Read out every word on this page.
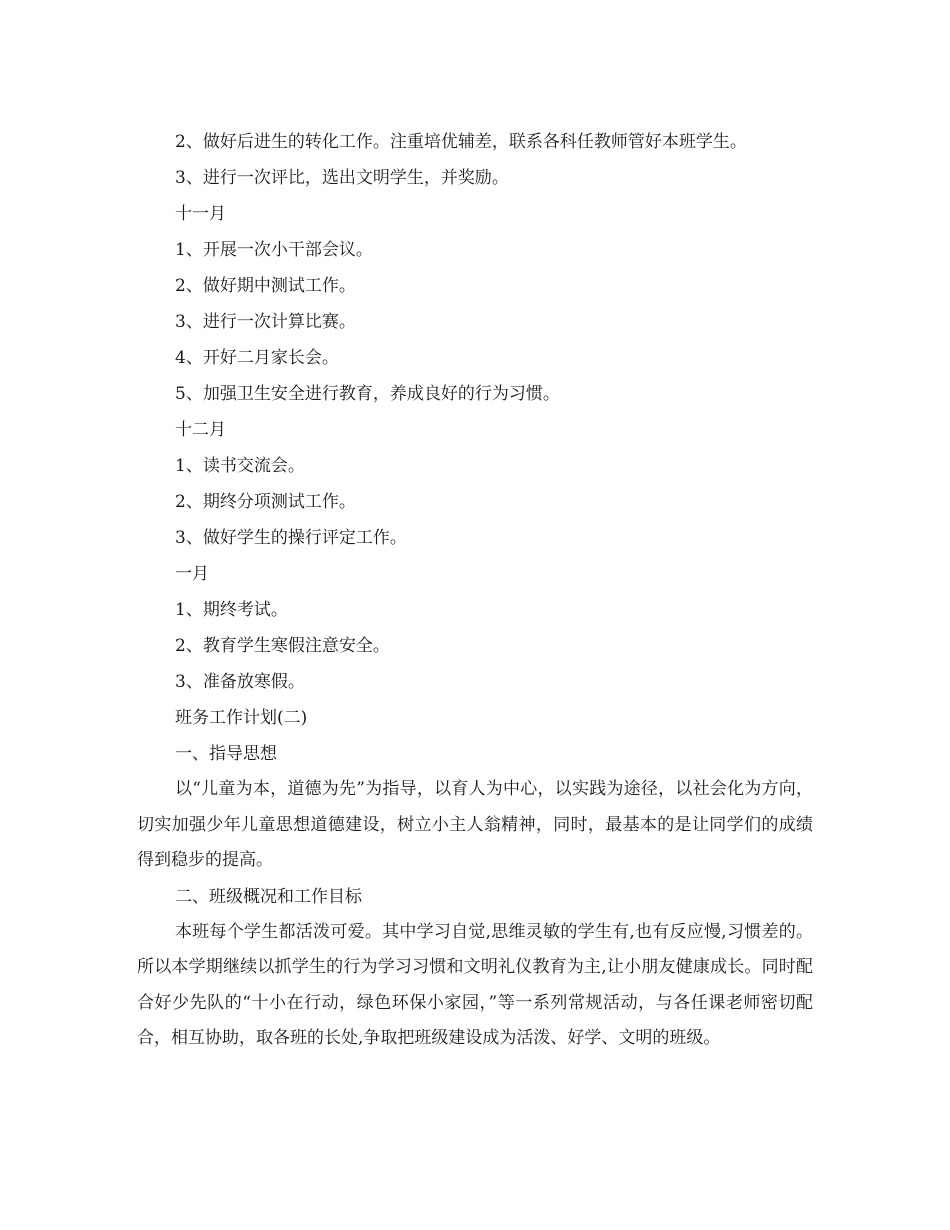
2、做好后进生的转化工作。注重培优辅差，联系各科任教师管好本班学生。
3、进行一次评比，选出文明学生，并奖励。
十一月
1、开展一次小干部会议。
2、做好期中测试工作。
3、进行一次计算比赛。
4、开好二月家长会。
5、加强卫生安全进行教育，养成良好的行为习惯。
十二月
1、读书交流会。
2、期终分项测试工作。
3、做好学生的操行评定工作。
一月
1、期终考试。
2、教育学生寒假注意安全。
3、准备放寒假。
班务工作计划(二)
一、指导思想

以“儿童为本，道德为先”为指导，以育人为中心，以实践为途径，以社会化为方向，切实加强少年儿童思想道德建设，树立小主人翁精神，同时，最基本的是让同学们的成绩得到稳步的提高。

二、班级概况和工作目标

本班每个学生都活泼可爱。其中学习自觉,思维灵敏的学生有,也有反应慢,习惯差的。所以本学期继续以抓学生的行为学习习惯和文明礼仪教育为主,让小朋友健康成长。同时配合好少先队的“十小在行动，绿色环保小家园，”等一系列常规活动，与各任课老师密切配合，相互协助，取各班的长处,争取把班级建设成为活泼、好学、文明的班级。
